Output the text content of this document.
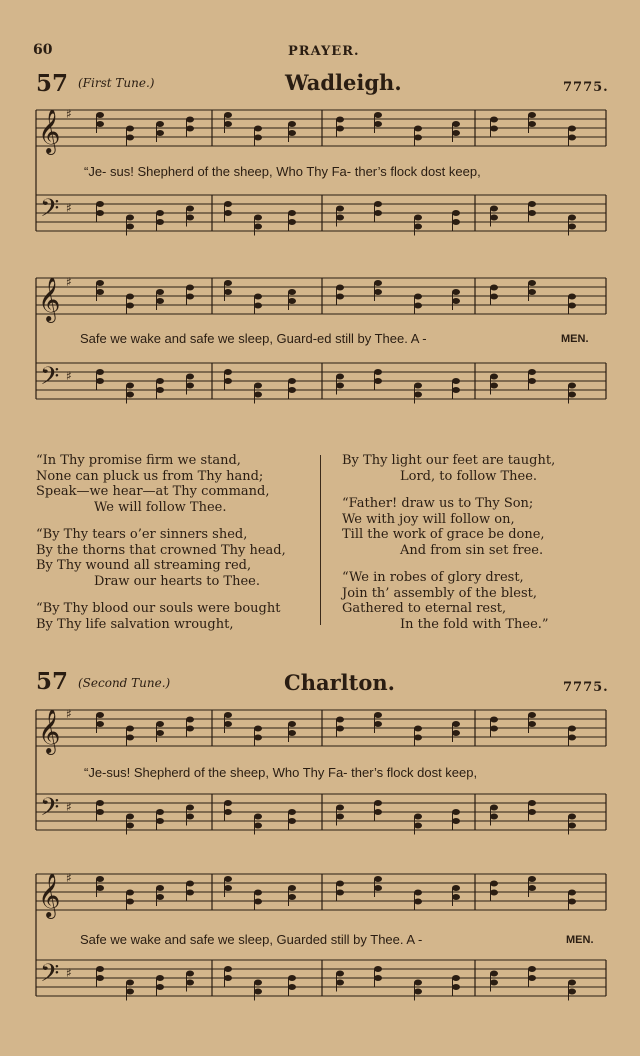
60	PRAYER.
57 (First Tune.)	Wadleigh.	7775.
𝄞 ♯
𝄢 ♯
“Je- sus! Shepherd of the sheep, Who Thy Fa- ther’s flock dost keep,
𝄞 ♯
𝄢 ♯
Safe we wake and safe we sleep, Guard-ed still by Thee. A -	MEN.
“In Thy promise firm we stand,
None can pluck us from Thy hand;
Speak—we hear—at Thy command,
We will follow Thee.
“By Thy tears o’er sinners shed,
By the thorns that crowned Thy head,
By Thy wound all streaming red,
Draw our hearts to Thee.
“By Thy blood our souls were bought
By Thy life salvation wrought,
By Thy light our feet are taught,
Lord, to follow Thee.
“Father! draw us to Thy Son;
We with joy will follow on,
Till the work of grace be done,
And from sin set free.
“We in robes of glory drest,
Join th’ assembly of the blest,
Gathered to eternal rest,
In the fold with Thee.”
57 (Second Tune.)	Charlton.	7775.
𝄞 ♯
𝄢 ♯
“Je-sus! Shepherd of the sheep, Who Thy Fa- ther’s flock dost keep,
𝄞 ♯
𝄢 ♯
Safe we wake and safe we sleep, Guarded still by Thee. A -	MEN.
